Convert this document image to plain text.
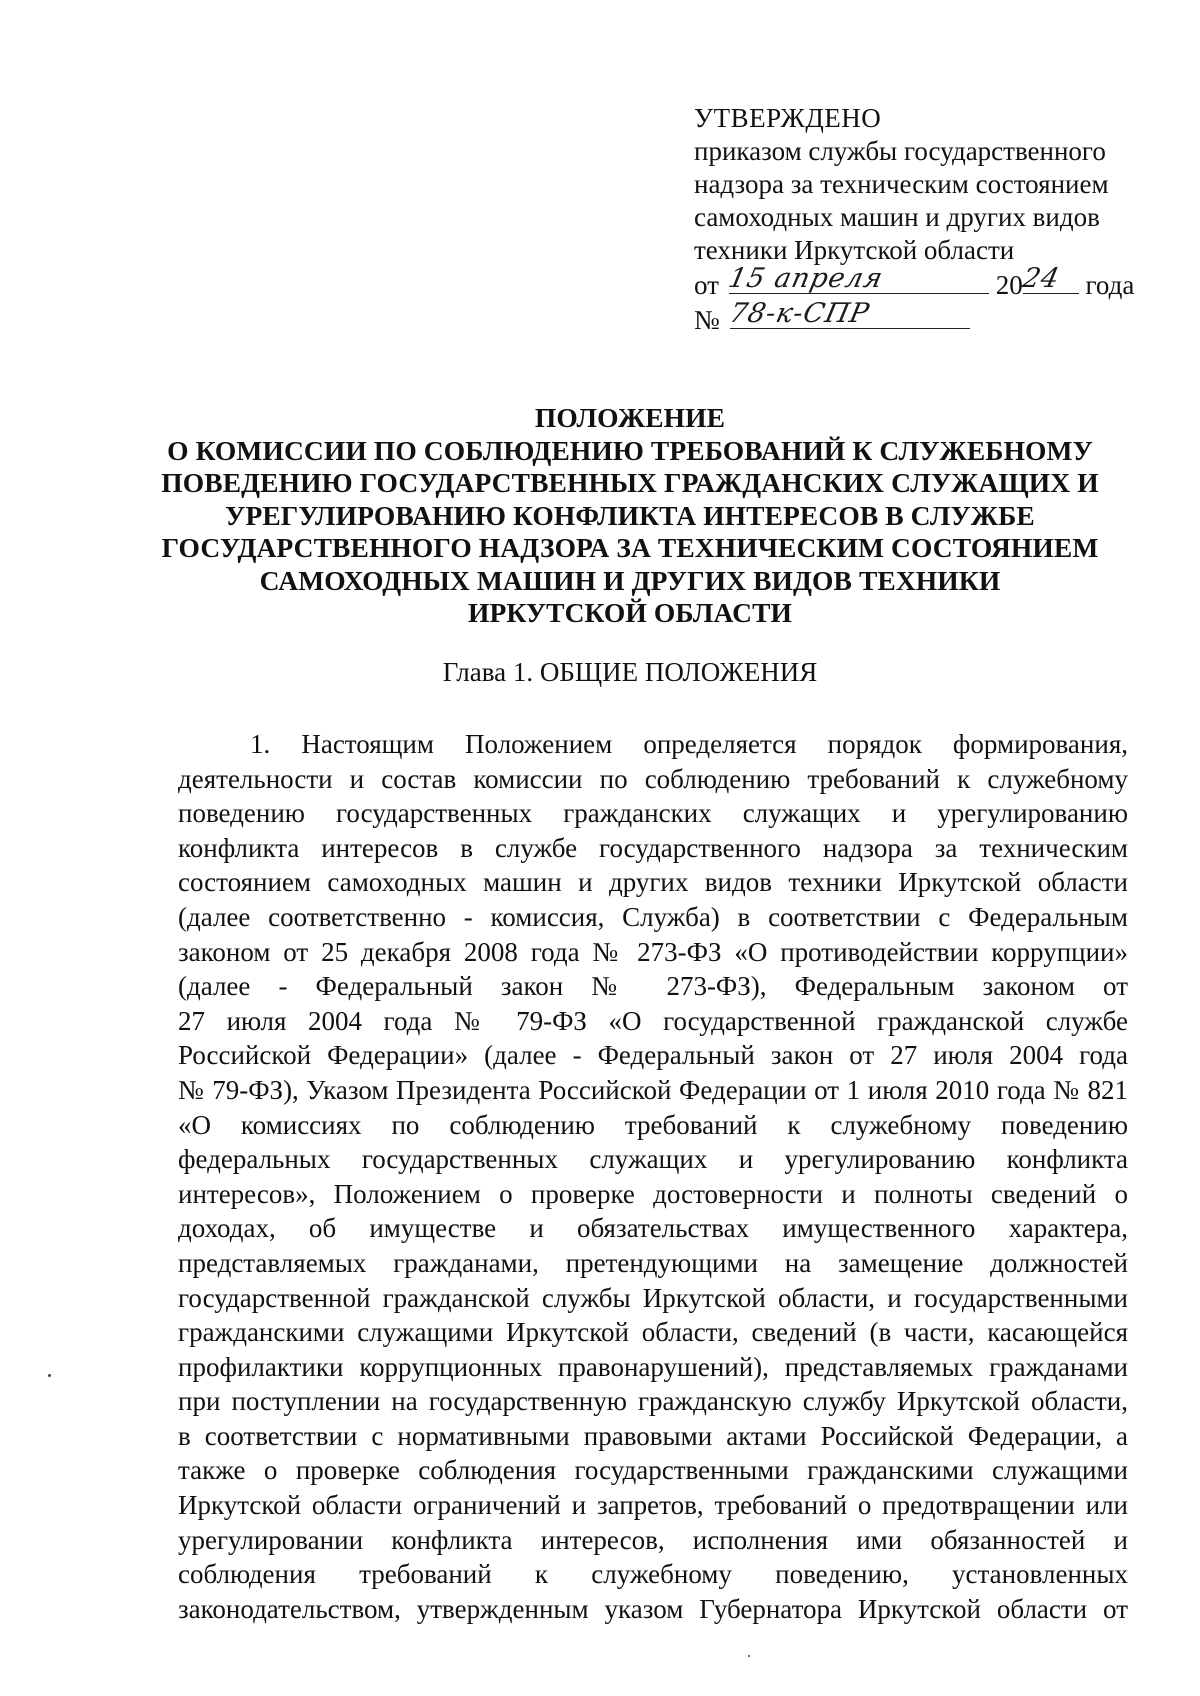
УТВЕРЖДЕНО
приказом службы государственного
надзора за техническим состоянием
самоходных машин и других видов
техники Иркутской области
от 15 апреля	20
24 года
№ 78-к-СПР
ПОЛОЖЕНИЕ
О КОМИССИИ ПО СОБЛЮДЕНИЮ ТРЕБОВАНИЙ К СЛУЖЕБНОМУ
ПОВЕДЕНИЮ ГОСУДАРСТВЕННЫХ ГРАЖДАНСКИХ СЛУЖАЩИХ И
УРЕГУЛИРОВАНИЮ КОНФЛИКТА ИНТЕРЕСОВ В СЛУЖБЕ
ГОСУДАРСТВЕННОГО НАДЗОРА ЗА ТЕХНИЧЕСКИМ СОСТОЯНИЕМ
САМОХОДНЫХ МАШИН И ДРУГИХ ВИДОВ ТЕХНИКИ
ИРКУТСКОЙ ОБЛАСТИ
Глава 1. ОБЩИЕ ПОЛОЖЕНИЯ
1. Настоящим Положением определяется порядок формирования,
деятельности и состав комиссии по соблюдению требований к служебному
поведению государственных гражданских служащих и урегулированию
конфликта интересов в службе государственного надзора за техническим
состоянием самоходных машин и других видов техники Иркутской области
(далее соответственно - комиссия, Служба) в соответствии с Федеральным
законом от 25 декабря 2008 года № 273-ФЗ «О противодействии коррупции»
(далее - Федеральный закон № 273-ФЗ), Федеральным законом от
27 июля 2004 года № 79-ФЗ «О государственной гражданской службе
Российской Федерации» (далее - Федеральный закон от 27 июля 2004 года
№ 79-ФЗ), Указом Президента Российской Федерации от 1 июля 2010 года № 821
«О комиссиях по соблюдению требований к служебному поведению
федеральных государственных служащих и урегулированию конфликта
интересов», Положением о проверке достоверности и полноты сведений о
доходах, об имуществе и обязательствах имущественного характера,
представляемых гражданами, претендующими на замещение должностей
государственной гражданской службы Иркутской области, и государственными
гражданскими служащими Иркутской области, сведений (в части, касающейся
профилактики коррупционных правонарушений), представляемых гражданами
при поступлении на государственную гражданскую службу Иркутской области,
в соответствии с нормативными правовыми актами Российской Федерации, а
также о проверке соблюдения государственными гражданскими служащими
Иркутской области ограничений и запретов, требований о предотвращении или
урегулировании конфликта интересов, исполнения ими обязанностей и
соблюдения требований к служебному поведению, установленных
законодательством, утвержденным указом Губернатора Иркутской области от
